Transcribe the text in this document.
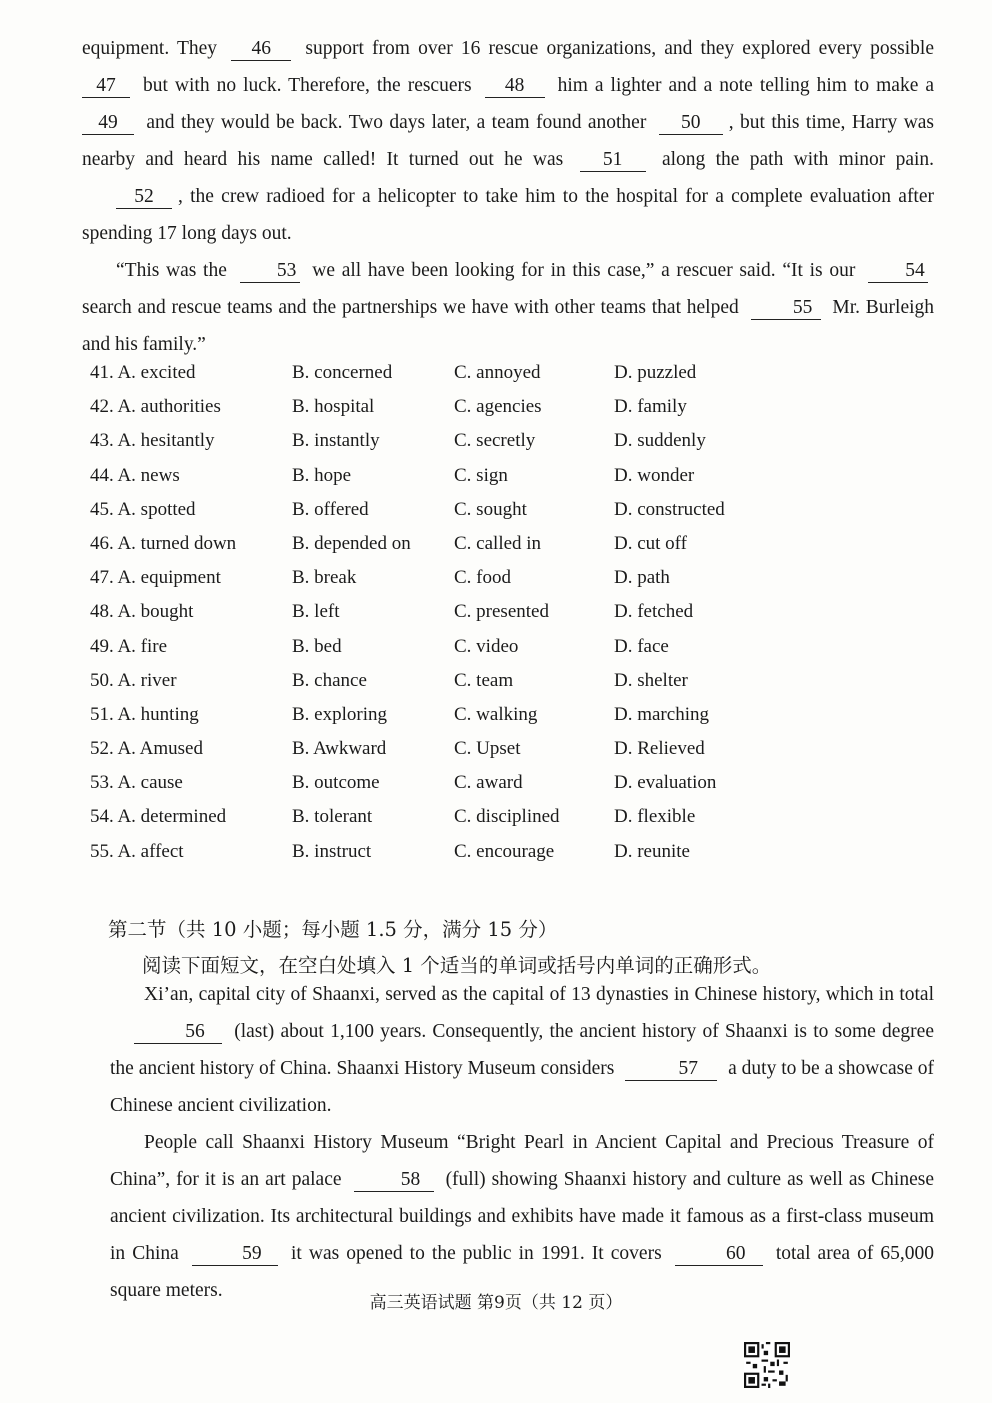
equipment. They 46 support from over 16 rescue organizations, and they explored every possible 47 but with no luck. Therefore, the rescuers 48 him a lighter and a note telling him to make a 49 and they would be back. Two days later, a team found another 50 , but this time, Harry was nearby and heard his name called! It turned out he was 51 along the path with minor pain. 52 , the crew radioed for a helicopter to take him to the hospital for a complete evaluation after spending 17 long days out.
“This was the	53 we all have been looking for in this case,” a rescuer said. “It is our	54 search and rescue teams and the partnerships we have with other teams that helped	55 Mr. Burleigh and his family.”
41. A. excited	B. concerned	C. annoyed	D. puzzled
42. A. authorities	B. hospital	C. agencies	D. family
43. A. hesitantly	B. instantly	C. secretly	D. suddenly
44. A. news	B. hope	C. sign	D. wonder
45. A. spotted	B. offered	C. sought	D. constructed
46. A. turned down	B. depended on C. called in	D. cut off
47. A. equipment	B. break	C. food	D. path
48. A. bought	B. left	C. presented	D. fetched
49. A. fire	B. bed	C. video	D. face
50. A. river	B. chance	C. team	D. shelter
51. A. hunting	B. exploring	C. walking	D. marching
52. A. Amused	B. Awkward	C. Upset	D. Relieved
53. A. cause	B. outcome	C. award	D. evaluation
54. A. determined	B. tolerant	C. disciplined	D. flexible
55. A. affect	B. instruct	C. encourage	D. reunite
第二节（共 10 小题；每小题 1.5 分，满分 15 分）
阅读下面短文，在空白处填入 1 个适当的单词或括号内单词的正确形式。
Xi’an, capital city of Shaanxi, served as the capital of 13 dynasties in Chinese history, which in total 56 (last) about 1,100 years. Consequently, the ancient history of Shaanxi is to some degree the ancient history of China. Shaanxi History Museum considers	57 a duty to be a showcase of Chinese ancient civilization.
People call Shaanxi History Museum “Bright Pearl in Ancient Capital and Precious Treasure of China”, for it is an art palace	58 (full) showing Shaanxi history and culture as well as Chinese ancient civilization. Its architectural buildings and exhibits have made it famous as a first-class museum in China	59 it was opened to the public in 1991. It covers	60 total area of 65,000 square meters.
高三英语试题 第9页（共 12 页）
